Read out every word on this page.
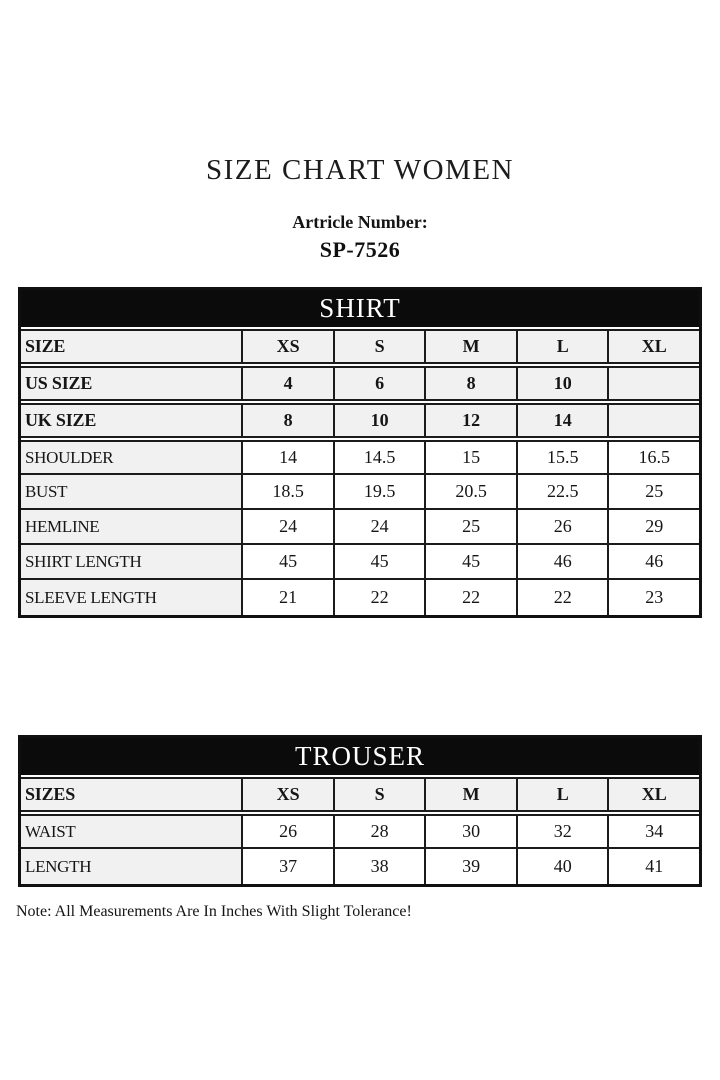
SIZE CHART WOMEN
Artricle Number:
SP-7526
SHIRT
SIZE	XS	S	M	L	XL
US SIZE	4	6	8	10
UK SIZE	8	10	12	14
SHOULDER	14	14.5	15	15.5	16.5
BUST	18.5	19.5	20.5	22.5	25
HEMLINE	24	24	25	26	29
SHIRT LENGTH	45	45	45	46	46
SLEEVE LENGTH	21	22	22	22	23
TROUSER
SIZES	XS	S	M	L	XL
WAIST	26	28	30	32	34
LENGTH	37	38	39	40	41

Note: All Measurements Are In Inches With Slight Tolerance!
